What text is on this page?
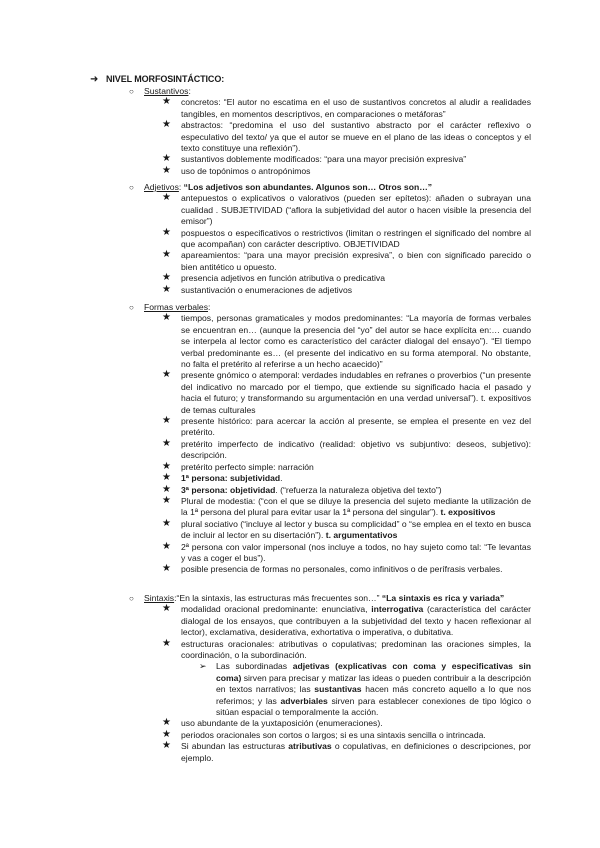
➜ NIVEL MORFOSINTÁCTICO:
○ Sustantivos:
★ concretos: “El autor no escatima en el uso de sustantivos concretos al aludir a realidades tangibles, en momentos descriptivos, en comparaciones o metáforas”
★ abstractos: “predomina el uso del sustantivo abstracto por el carácter reflexivo o especulativo del texto/ ya que el autor se mueve en el plano de las ideas o conceptos y el texto constituye una reflexión”).
★ sustantivos doblemente modificados: “para una mayor precisión expresiva”
★ uso de topónimos o antropónimos
○ Adjetivos: “Los adjetivos son abundantes. Algunos son… Otros son…”
★ antepuestos o explicativos o valorativos (pueden ser epítetos): añaden o subrayan una cualidad . SUBJETIVIDAD (“aflora la subjetividad del autor o hacen visible la presencia del emisor”)
★ pospuestos o especificativos o restrictivos (limitan o restringen el significado del nombre al que acompañan) con carácter descriptivo. OBJETIVIDAD
★ apareamientos: “para una mayor precisión expresiva”, o bien con significado parecido o bien antitético u opuesto.
★ presencia adjetivos en función atributiva o predicativa
★ sustantivación o enumeraciones de adjetivos
○ Formas verbales:
★ tiempos, personas gramaticales y modos predominantes: “La mayoría de formas verbales se encuentran en… (aunque la presencia del “yo” del autor se hace explícita en:… cuando se interpela al lector como es característico del carácter dialogal del ensayo”). “El tiempo verbal predominante es… (el presente del indicativo en su forma atemporal. No obstante, no falta el pretérito al referirse a un hecho acaecido)”
★ presente gnómico o atemporal: verdades indudables en refranes o proverbios (“un presente del indicativo no marcado por el tiempo, que extiende su significado hacia el pasado y hacia el futuro; y transformando su argumentación en una verdad universal”). t. expositivos de temas culturales
★ presente histórico: para acercar la acción al presente, se emplea el presente en vez del pretérito.
★ pretérito imperfecto de indicativo (realidad: objetivo vs subjuntivo: deseos, subjetivo): descripción.
★ pretérito perfecto simple: narración
★ 1ª persona: subjetividad.
★ 3ª persona: objetividad. (“refuerza la naturaleza objetiva del texto”)
★ Plural de modestia: (“con el que se diluye la presencia del sujeto mediante la utilización de la 1ª persona del plural para evitar usar la 1ª persona del singular”). t. expositivos
★ plural sociativo (“incluye al lector y busca su complicidad” o “se emplea en el texto en busca de incluir al lector en su disertación”). t. argumentativos
★ 2ª persona con valor impersonal (nos incluye a todos, no hay sujeto como tal: “Te levantas y vas a coger el bus”).
★ posible presencia de formas no personales, como infinitivos o de perífrasis verbales.
○ Sintaxis:“En la sintaxis, las estructuras más frecuentes son…” “La sintaxis es rica y variada”
★ modalidad oracional predominante: enunciativa, interrogativa (característica del carácter dialogal de los ensayos, que contribuyen a la subjetividad del texto y hacen reflexionar al lector), exclamativa, desiderativa, exhortativa o imperativa, o dubitativa.
★ estructuras oracionales: atributivas o copulativas; predominan las oraciones simples, la coordinación, o la subordinación.
➢ Las subordinadas adjetivas (explicativas con coma y especificativas sin coma) sirven para precisar y matizar las ideas o pueden contribuir a la descripción en textos narrativos; las sustantivas hacen más concreto aquello a lo que nos referimos; y las adverbiales sirven para establecer conexiones de tipo lógico o sitúan espacial o temporalmente la acción.
★ uso abundante de la yuxtaposición (enumeraciones).
★ periodos oracionales son cortos o largos; si es una sintaxis sencilla o intrincada.
★ Si abundan las estructuras atributivas o copulativas, en definiciones o descripciones, por ejemplo.
